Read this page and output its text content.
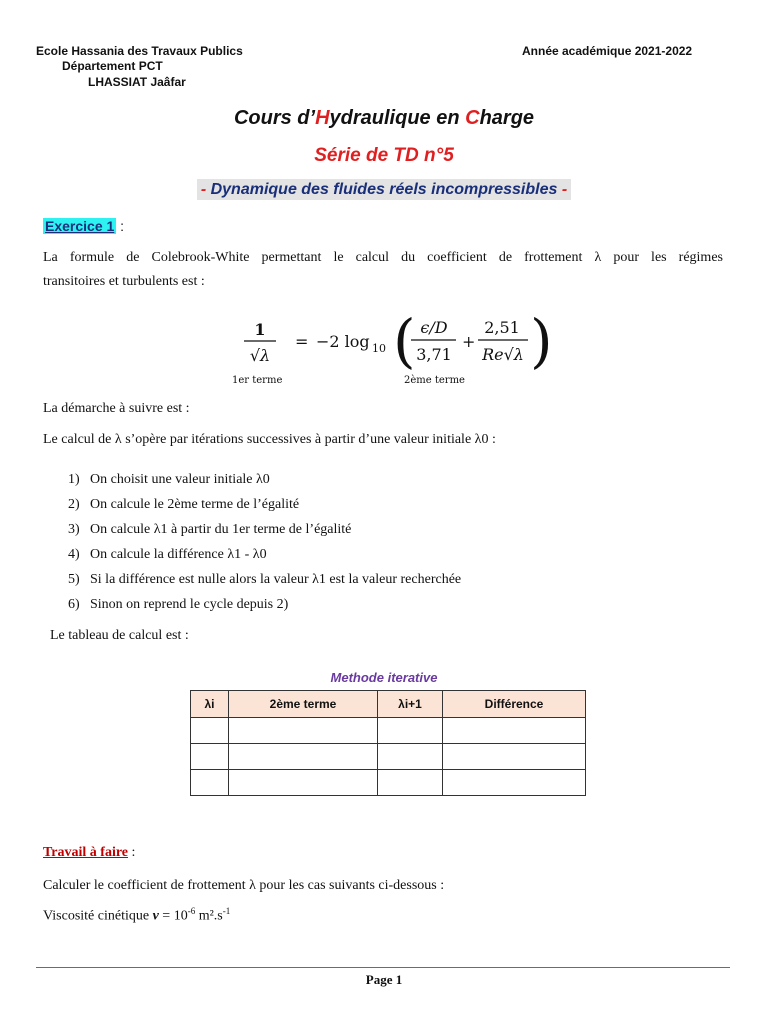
Ecole Hassania des Travaux Publics
Département PCT
LHASSIAT Jaâfar
Année académique 2021-2022
Cours d’Hydraulique en Charge
Série de TD n°5
- Dynamique des fluides réels incompressibles -
Exercice 1 :
La formule de Colebrook-White permettant le calcul du coefficient de frottement λ pour les régimes
transitoires et turbulents est :
1
√λ
= −2 log 10 ( ϵ/D
3,71
+
2,51
Re√λ )
1er terme	2ème terme
La démarche à suivre est :
Le calcul de λ s’opère par itérations successives à partir d’une valeur initiale λ0 :
1) On choisit une valeur initiale λ0
2) On calcule le 2ème terme de l’égalité
3) On calcule λ1 à partir du 1er terme de l’égalité
4) On calcule la différence λ1 - λ0
5) Si la différence est nulle alors la valeur λ1 est la valeur recherchée
6) Sinon on reprend le cycle depuis 2)
Le tableau de calcul est :
Methode iterative
λi	2ème terme	λi+1	Différence

Travail à faire :
Calculer le coefficient de frottement λ pour les cas suivants ci-dessous :
Viscosité cinétique $\nu = 10^{-6}$ $m^2.s^{-1}$
Page 1
